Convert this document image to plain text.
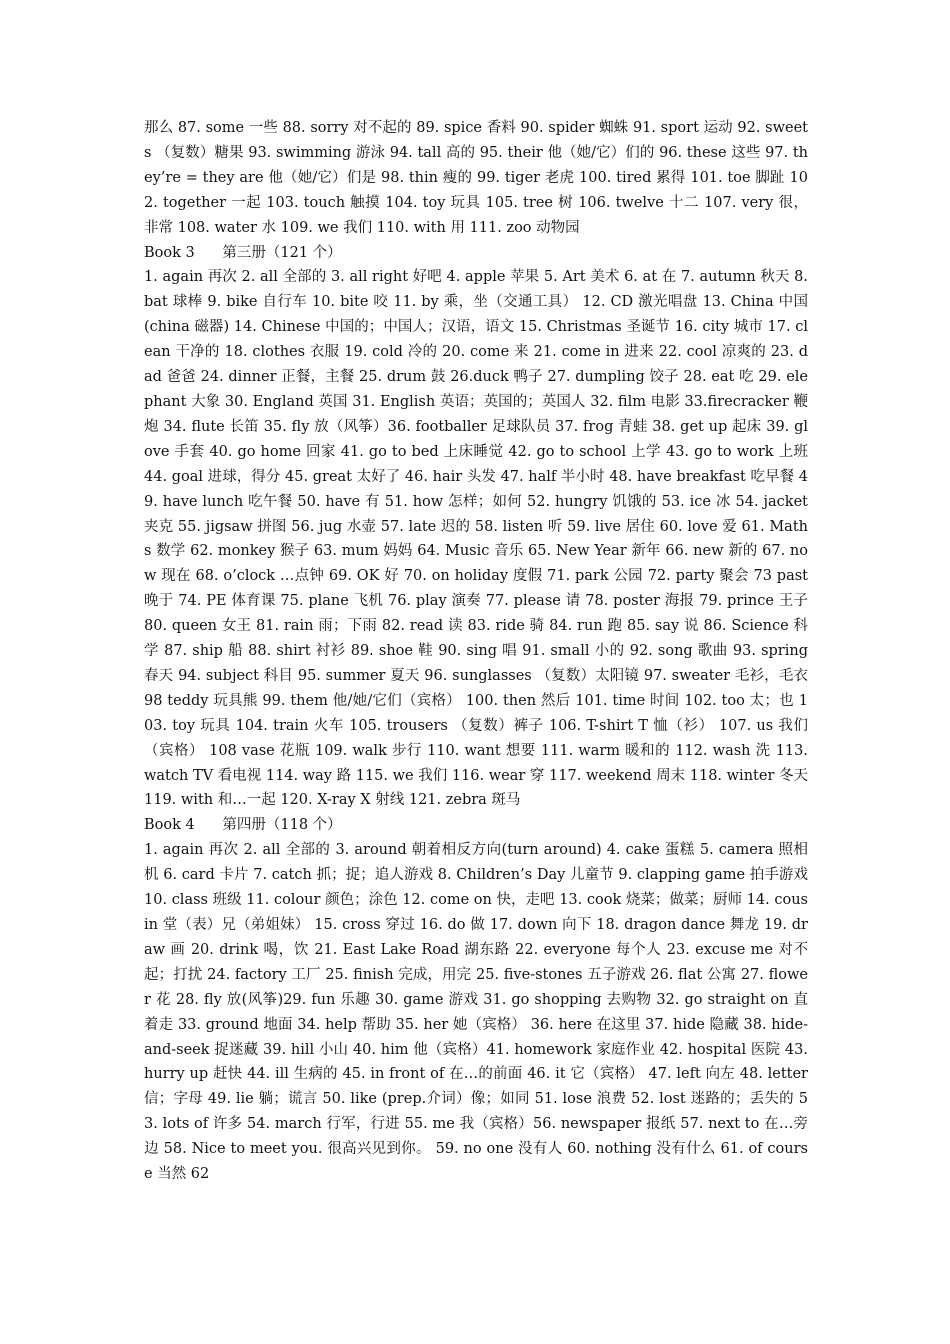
那么 87. some 一些 88. sorry 对不起的 89. spice 香料 90. spider 蜘蛛 91. sport 运动 92. sweets （复数）糖果 93. swimming 游泳 94. tall 高的 95. their 他（她/它）们的 96. these 这些 97. they’re = they are 他（她/它）们是 98. thin 瘦的 99. tiger 老虎 100. tired 累得 101. toe 脚趾 102. together 一起 103. touch 触摸 104. toy 玩具 105. tree 树 106. twelve 十二 107. very 很，非常 108. water 水 109. we 我们 110. with 用 111. zoo 动物园

Book 3      第三册（121 个）

1. again 再次 2. all 全部的 3. all right 好吧 4. apple 苹果 5. Art 美术 6. at 在 7. autumn 秋天 8. bat 球棒 9. bike 自行车 10. bite 咬 11. by 乘，坐（交通工具） 12. CD 激光唱盘 13. China 中国 (china 磁器) 14. Chinese 中国的；中国人；汉语，语文 15. Christmas 圣诞节 16. city 城市 17. clean 干净的 18. clothes 衣服 19. cold 冷的 20. come 来 21. come in 进来 22. cool 凉爽的 23. dad 爸爸 24. dinner 正餐，主餐 25. drum 鼓 26.duck 鸭子 27. dumpling 饺子 28. eat 吃 29. elephant 大象 30. England 英国 31. English 英语；英国的；英国人 32. film 电影 33.firecracker 鞭炮 34. flute 长笛 35. fly 放（风筝）36. footballer 足球队员 37. frog 青蛙 38. get up 起床 39. glove 手套 40. go home 回家 41. go to bed 上床睡觉 42. go to school 上学 43. go to work 上班 44. goal 进球，得分 45. great 太好了 46. hair 头发 47. half 半小时 48. have breakfast 吃早餐 49. have lunch 吃午餐 50. have 有 51. how 怎样；如何 52. hungry 饥饿的 53. ice 冰 54. jacket 夹克 55. jigsaw 拼图 56. jug 水壶 57. late 迟的 58. listen 听 59. live 居住 60. love 爱 61. Maths 数学 62. monkey 猴子 63. mum 妈妈 64. Music 音乐 65. New Year 新年 66. new 新的 67. now 现在 68. o’clock …点钟 69. OK 好 70. on holiday 度假 71. park 公园 72. party 聚会 73 past 晚于 74. PE 体育课 75. plane 飞机 76. play 演奏 77. please 请 78. poster 海报 79. prince 王子 80. queen 女王 81. rain 雨；下雨 82. read 读 83. ride 骑 84. run 跑 85. say 说 86. Science 科学 87. ship 船 88. shirt 衬衫 89. shoe 鞋 90. sing 唱 91. small 小的 92. song 歌曲 93. spring 春天 94. subject 科目 95. summer 夏天 96. sunglasses （复数）太阳镜 97. sweater 毛衫，毛衣 98 teddy 玩具熊 99. them 他/她/它们（宾格） 100. then 然后 101. time 时间 102. too 太；也 103. toy 玩具 104. train 火车 105. trousers （复数）裤子 106. T-shirt T 恤（衫） 107. us 我们（宾格） 108 vase 花瓶 109. walk 步行 110. want 想要 111. warm 暖和的 112. wash 洗 113. watch TV 看电视 114. way 路 115. we 我们 116. wear 穿 117. weekend 周末 118. winter 冬天 119. with 和…一起 120. X-ray X 射线 121. zebra 斑马

Book 4      第四册（118 个）

1. again 再次 2. all 全部的 3. around 朝着相反方向(turn around) 4. cake 蛋糕 5. camera 照相机 6. card 卡片 7. catch 抓；捉；追人游戏 8. Children’s Day 儿童节 9. clapping game 拍手游戏 10. class 班级 11. colour 颜色；涂色 12. come on 快，走吧 13. cook 烧菜；做菜；厨师 14. cousin 堂（表）兄（弟姐妹） 15. cross 穿过 16. do 做 17. down 向下 18. dragon dance 舞龙 19. draw 画 20. drink 喝，饮 21. East Lake Road 湖东路 22. everyone 每个人 23. excuse me 对不起；打扰 24. factory 工厂 25. finish 完成，用完 25. five-stones 五子游戏 26. flat 公寓 27. flower 花 28. fly 放(风筝)29. fun 乐趣 30. game 游戏 31. go shopping 去购物 32. go straight on 直着走 33. ground 地面 34. help 帮助 35. her 她（宾格） 36. here 在这里 37. hide 隐藏 38. hide-and-seek 捉迷藏 39. hill 小山 40. him 他（宾格）41. homework 家庭作业 42. hospital 医院 43. hurry up 赶快 44. ill 生病的 45. in front of 在…的前面 46. it 它（宾格） 47. left 向左 48. letter 信；字母 49. lie 躺；谎言 50. like (prep.介词）像；如同 51. lose 浪费 52. lost 迷路的；丢失的 53. lots of 许多 54. march 行军，行进 55. me 我（宾格）56. newspaper 报纸 57. next to 在…旁边 58. Nice to meet you. 很高兴见到你。 59. no one 没有人 60. nothing 没有什么 61. of course 当然 62
